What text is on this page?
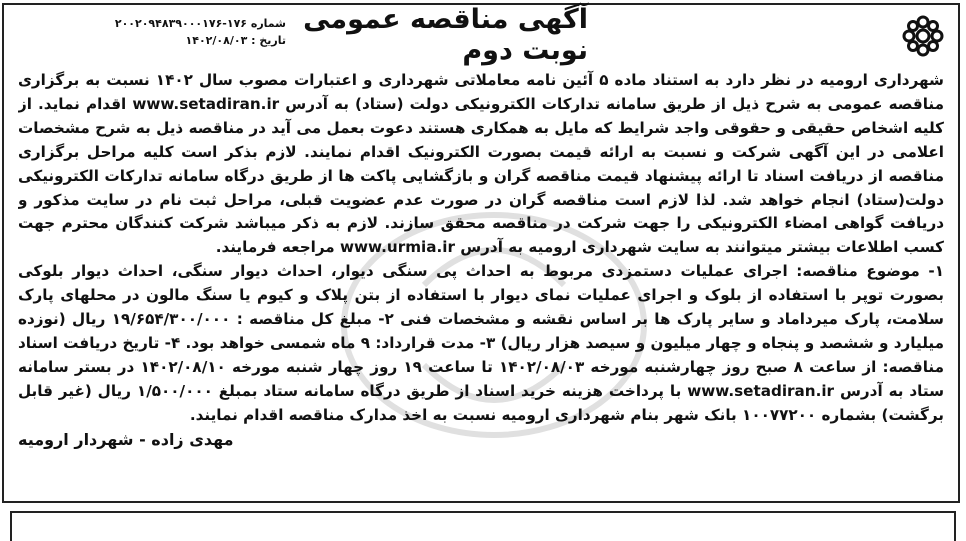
شماره ۱۷۶-۲۰۰۲۰۹۴۸۳۹۰۰۰۱۷۶
تاریخ : ۱۴۰۲/۰۸/۰۳
آگهی مناقصه عمومی نوبت دوم

شهرداری ارومیه در نظر دارد به استناد ماده ۵ آئین نامه معاملاتی شهرداری و اعتبارات مصوب سال ۱۴۰۲ نسبت به برگزاری مناقصه عمومی به شرح ذیل از طریق سامانه تدارکات الکترونیکی دولت (ستاد) به آدرس www.setadiran.ir اقدام نماید. از کلیه اشخاص حقیقی و حقوقی واجد شرایط که مایل به همکاری هستند دعوت بعمل می آید در مناقصه ذیل به شرح مشخصات اعلامی در این آگهی شرکت و نسبت به ارائه قیمت بصورت الکترونیک اقدام نمایند. لازم بذکر است کلیه مراحل برگزاری مناقصه از دریافت اسناد تا ارائه پیشنهاد قیمت مناقصه گران و بازگشایی پاکت ها از طریق درگاه سامانه تدارکات الکترونیکی دولت(ستاد) انجام خواهد شد. لذا لازم است مناقصه گران در صورت عدم عضویت قبلی، مراحل ثبت نام در سایت مذکور و دریافت گواهی امضاء الکترونیکی را جهت شرکت در مناقصه محقق سازند. لازم به ذکر میباشد شرکت کنندگان محترم جهت کسب اطلاعات بیشتر میتوانند به سایت شهرداری ارومیه به آدرس www.urmia.ir مراجعه فرمایند.

۱- موضوع مناقصه: اجرای عملیات دستمزدی مربوط به احداث پی سنگی دیوار، احداث دیوار سنگی، احداث دیوار بلوکی بصورت توپر با استفاده از بلوک و اجرای عملیات نمای دیوار با استفاده از بتن پلاک و کیوم یا سنگ مالون در محلهای پارک سلامت، پارک میرداماد و سایر پارک ها بر اساس نقشه و مشخصات فنی ۲- مبلغ کل مناقصه : ۱۹/۶۵۴/۳۰۰/۰۰۰ ریال (نوزده میلیارد و ششصد و پنجاه و چهار میلیون و سیصد هزار ریال) ۳- مدت قرارداد: ۹ ماه شمسی خواهد بود. ۴- تاریخ دریافت اسناد مناقصه: از ساعت ۸ صبح روز چهارشنبه مورخه ۱۴۰۲/۰۸/۰۳ تا ساعت ۱۹ روز چهار شنبه مورخه ۱۴۰۲/۰۸/۱۰ در بستر سامانه ستاد به آدرس www.setadiran.ir با پرداخت هزینه خرید اسناد از طریق درگاه سامانه ستاد بمبلغ ۱/۵۰۰/۰۰۰ ریال (غیر قابل برگشت) بشماره ۱۰۰۷۷۲۰۰ بانک شهر بنام شهرداری ارومیه نسبت به اخذ مدارک مناقصه اقدام نمایند.

مهدی زاده - شهردار ارومیه
